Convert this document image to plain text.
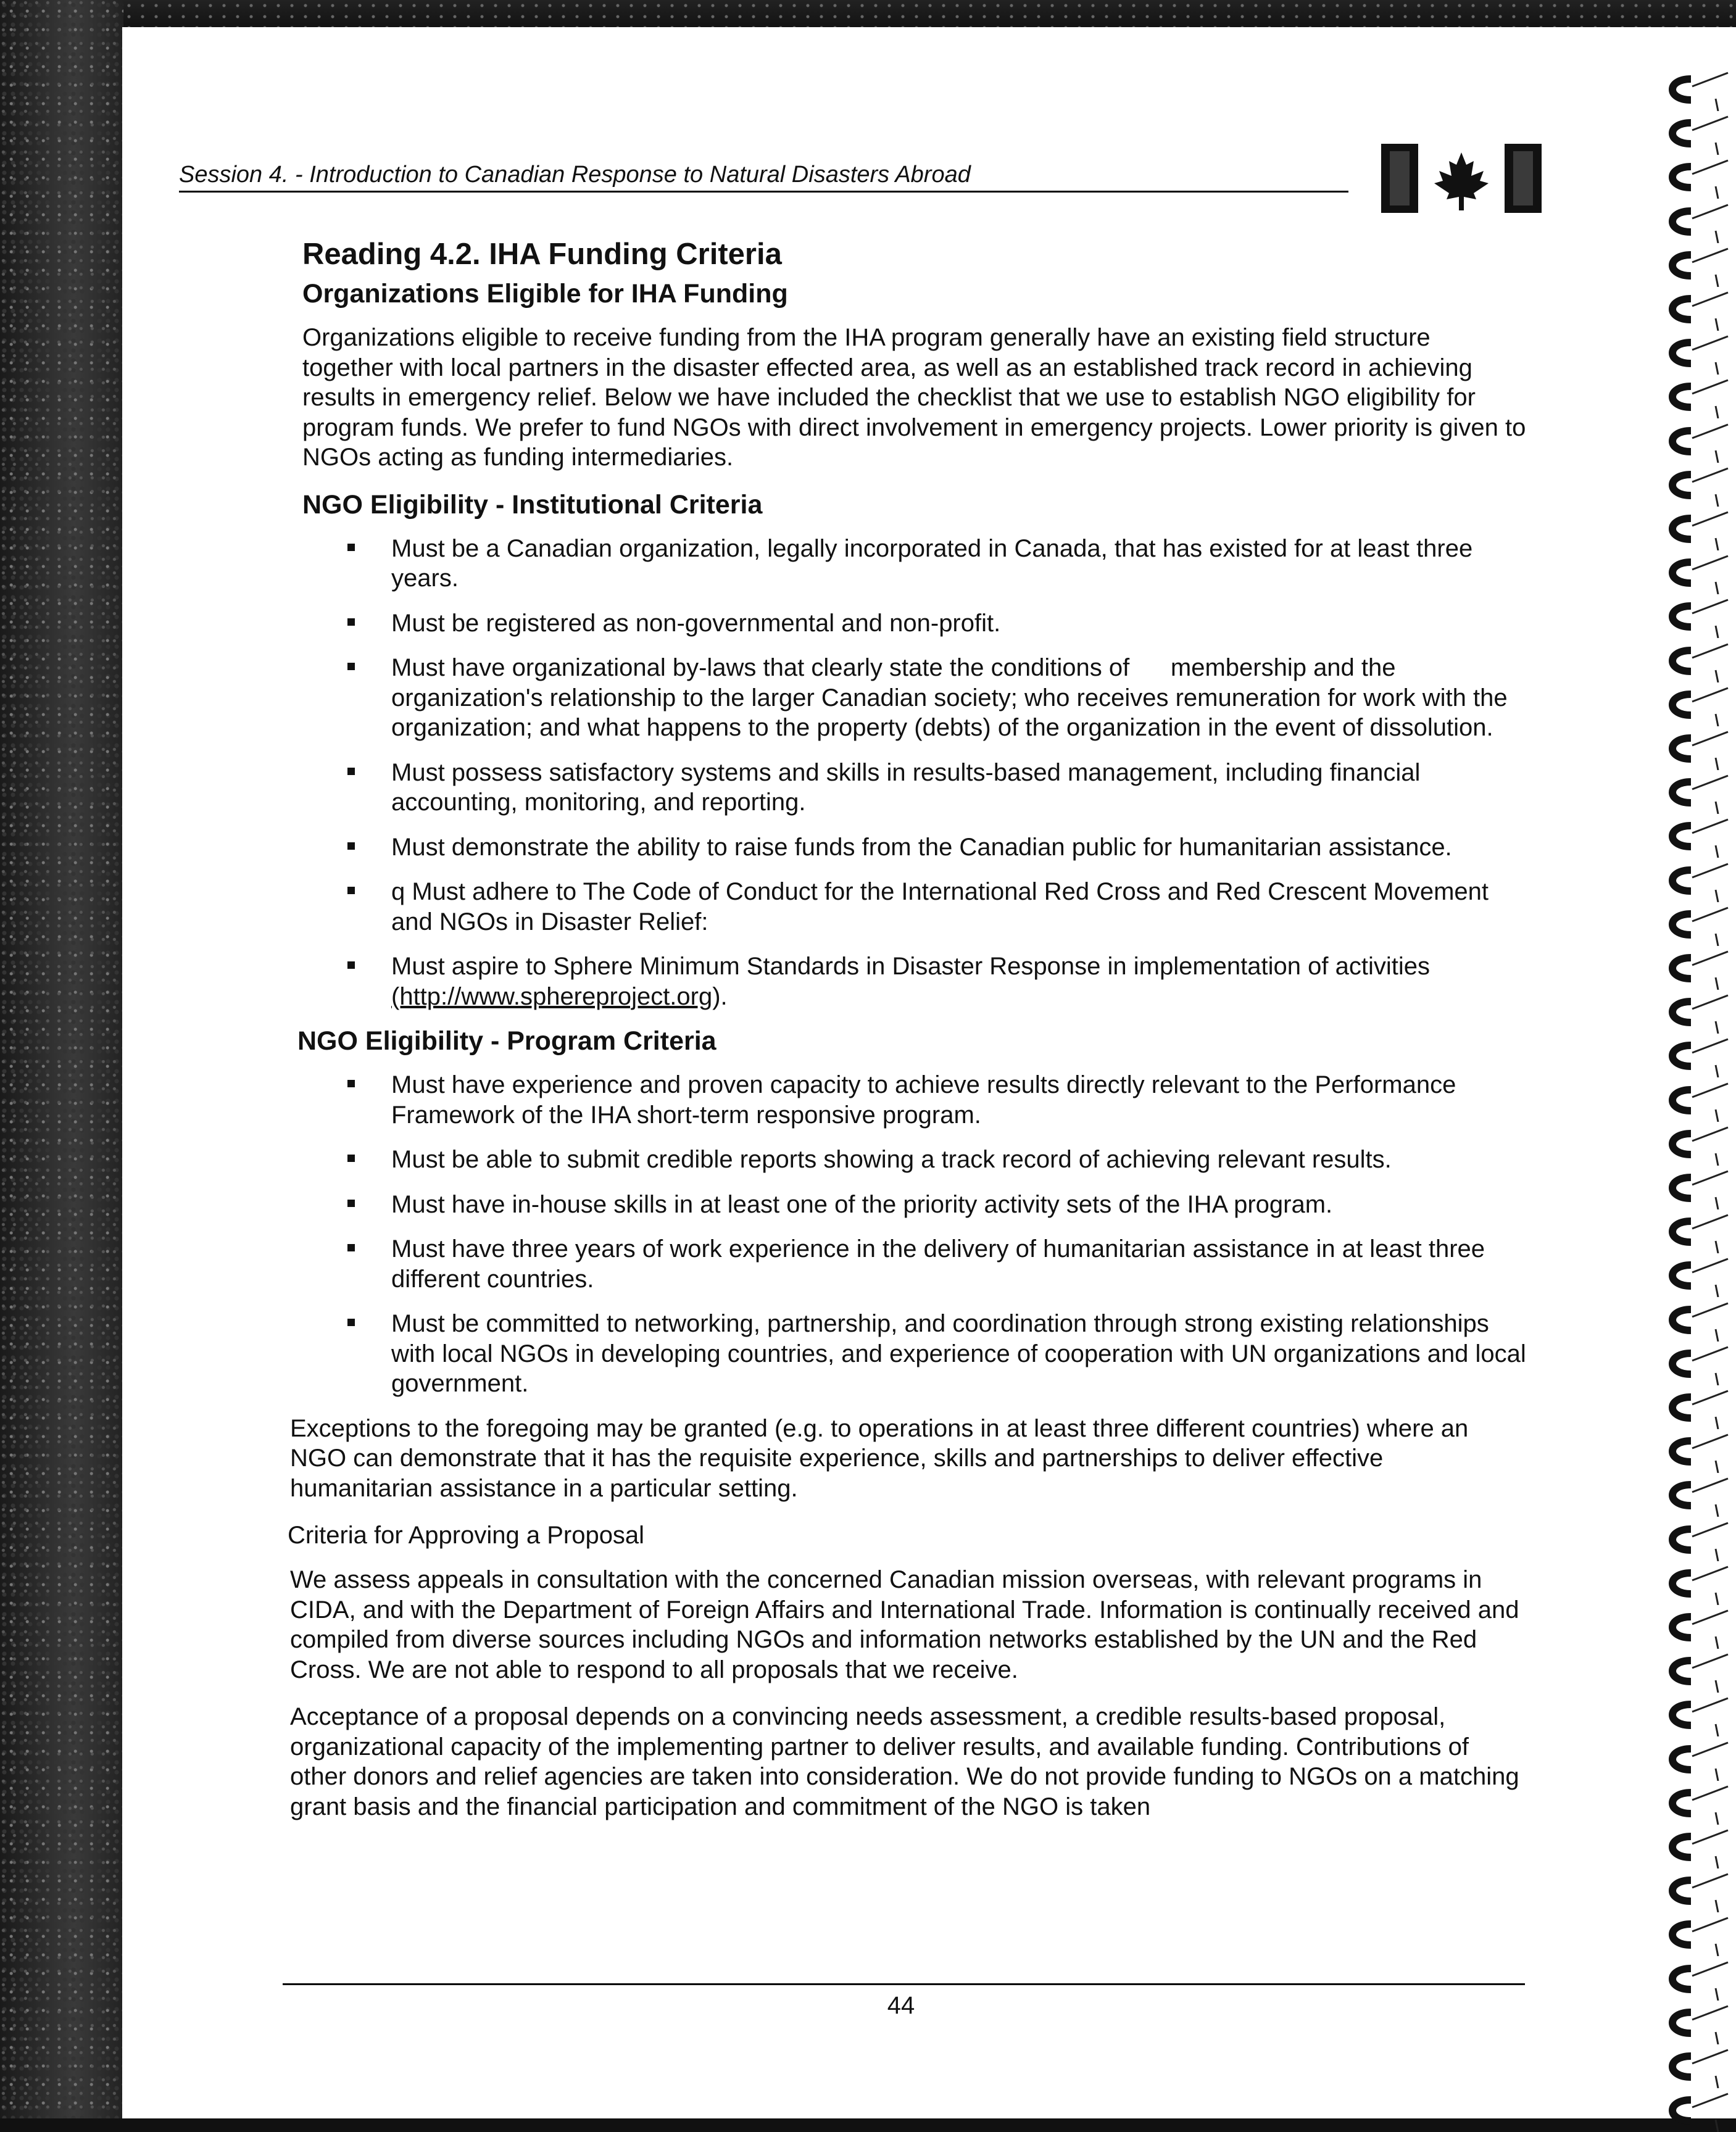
Session 4. - Introduction to Canadian Response to Natural Disasters Abroad
Reading 4.2. IHA Funding Criteria
Organizations Eligible for IHA Funding

Organizations eligible to receive funding from the IHA program generally have an existing field structure together with local partners in the disaster effected area, as well as an established track record in achieving results in emergency relief. Below we have included the checklist that we use to establish NGO eligibility for program funds. We prefer to fund NGOs with direct involvement in emergency projects. Lower priority is given to NGOs acting as funding intermediaries.

NGO Eligibility - Institutional Criteria
Must be a Canadian organization, legally incorporated in Canada, that has existed for at least three years.
Must be registered as non-governmental and non-profit.
Must have organizational by-laws that clearly state the conditions of      membership and the organization's relationship to the larger Canadian society; who receives remuneration for work with the organization; and what happens to the property (debts) of the organization in the event of dissolution.
Must possess satisfactory systems and skills in results-based management, including financial accounting, monitoring, and reporting.
Must demonstrate the ability to raise funds from the Canadian public for humanitarian assistance.
q Must adhere to The Code of Conduct for the International Red Cross and Red Crescent Movement and NGOs in Disaster Relief:
Must aspire to Sphere Minimum Standards in Disaster Response in implementation of activities (http://www.sphereproject.org).
NGO Eligibility - Program Criteria
Must have experience and proven capacity to achieve results directly relevant to the Performance Framework of the IHA short-term responsive program.
Must be able to submit credible reports showing a track record of achieving relevant results.
Must have in-house skills in at least one of the priority activity sets of the IHA program.
Must have three years of work experience in the delivery of humanitarian assistance in at least three different countries.
Must be committed to networking, partnership, and coordination through strong existing relationships with local NGOs in developing countries, and experience of cooperation with UN organizations and local government.

Exceptions to the foregoing may be granted (e.g. to operations in at least three different countries) where an NGO can demonstrate that it has the requisite experience, skills and partnerships to deliver effective humanitarian assistance in a particular setting.

Criteria for Approving a Proposal

We assess appeals in consultation with the concerned Canadian mission overseas, with relevant programs in CIDA, and with the Department of Foreign Affairs and International Trade. Information is continually received and compiled from diverse sources including NGOs and information networks established by the UN and the Red Cross. We are not able to respond to all proposals that we receive.

Acceptance of a proposal depends on a convincing needs assessment, a credible results-based proposal, organizational capacity of the implementing partner to deliver results, and available funding. Contributions of other donors and relief agencies are taken into consideration. We do not provide funding to NGOs on a matching grant basis and the financial participation and commitment of the NGO is taken

44
